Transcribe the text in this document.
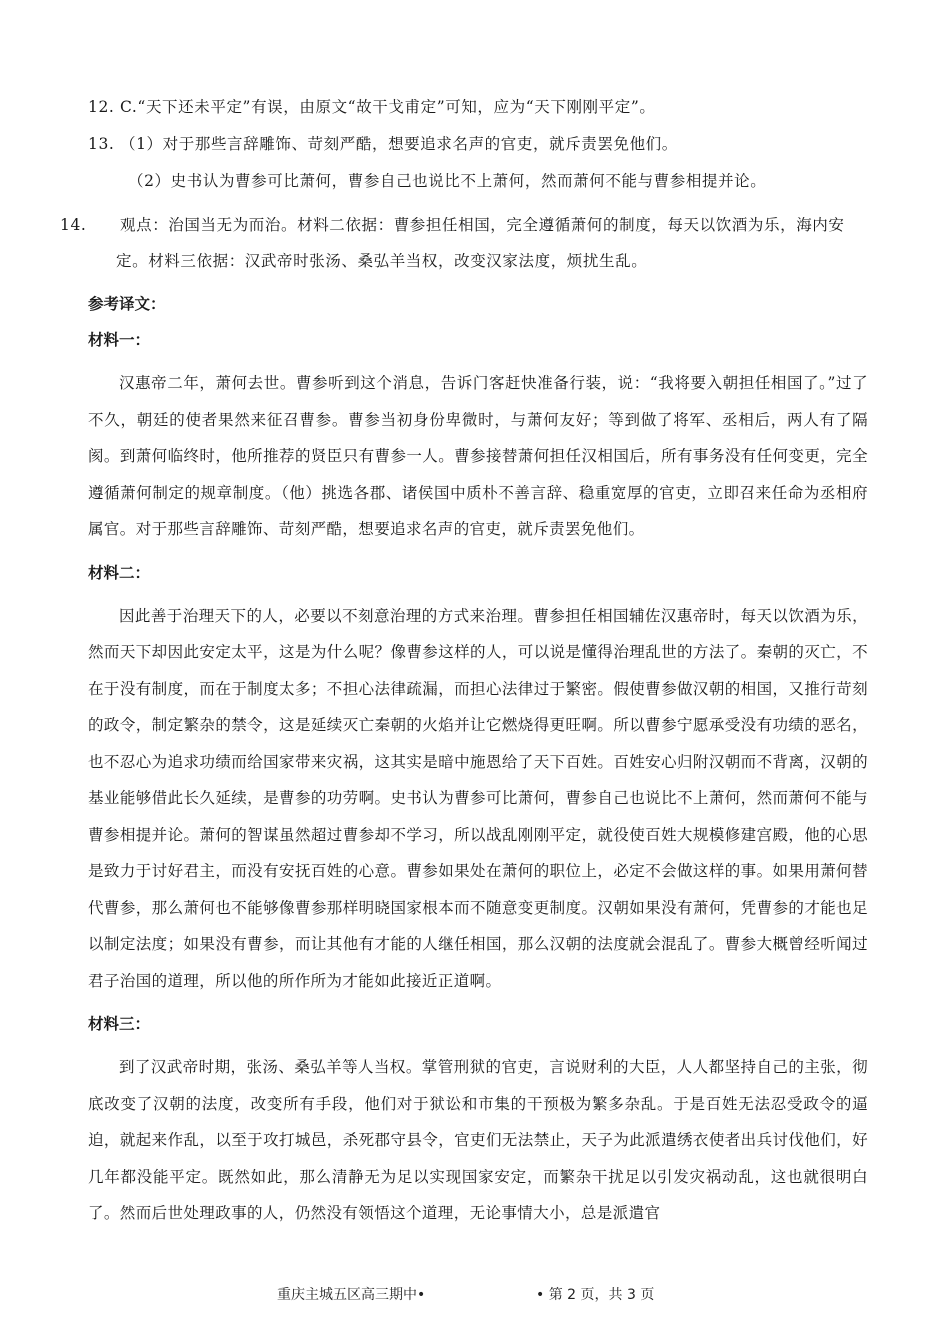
12. C.“天下还未平定”有误，由原文“故干戈甫定”可知，应为“天下刚刚平定”。

13. （1）对于那些言辞雕饰、苛刻严酷，想要追求名声的官吏，就斥责罢免他们。

（2）史书认为曹参可比萧何，曹参自己也说比不上萧何，然而萧何不能与曹参相提并论。

14. 观点：治国当无为而治。材料二依据：曹参担任相国，完全遵循萧何的制度，每天以饮酒为乐，海内安定。材料三依据：汉武帝时张汤、桑弘羊当权，改变汉家法度，烦扰生乱。

参考译文：
材料一：

汉惠帝二年，萧何去世。曹参听到这个消息，告诉门客赶快准备行装，说：“我将要入朝担任相国了。”过了不久，朝廷的使者果然来征召曹参。曹参当初身份卑微时，与萧何友好；等到做了将军、丞相后，两人有了隔阂。到萧何临终时，他所推荐的贤臣只有曹参一人。曹参接替萧何担任汉相国后，所有事务没有任何变更，完全遵循萧何制定的规章制度。（他）挑选各郡、诸侯国中质朴不善言辞、稳重宽厚的官吏，立即召来任命为丞相府属官。对于那些言辞雕饰、苛刻严酷，想要追求名声的官吏，就斥责罢免他们。

材料二：

因此善于治理天下的人，必要以不刻意治理的方式来治理。曹参担任相国辅佐汉惠帝时，每天以饮酒为乐，然而天下却因此安定太平，这是为什么呢？像曹参这样的人，可以说是懂得治理乱世的方法了。秦朝的灭亡，不在于没有制度，而在于制度太多；不担心法律疏漏，而担心法律过于繁密。假使曹参做汉朝的相国，又推行苛刻的政令，制定繁杂的禁令，这是延续灭亡秦朝的火焰并让它燃烧得更旺啊。所以曹参宁愿承受没有功绩的恶名，也不忍心为追求功绩而给国家带来灾祸，这其实是暗中施恩给了天下百姓。百姓安心归附汉朝而不背离，汉朝的基业能够借此长久延续，是曹参的功劳啊。史书认为曹参可比萧何，曹参自己也说比不上萧何，然而萧何不能与曹参相提并论。萧何的智谋虽然超过曹参却不学习，所以战乱刚刚平定，就役使百姓大规模修建宫殿，他的心思是致力于讨好君主，而没有安抚百姓的心意。曹参如果处在萧何的职位上，必定不会做这样的事。如果用萧何替代曹参，那么萧何也不能够像曹参那样明晓国家根本而不随意变更制度。汉朝如果没有萧何，凭曹参的才能也足以制定法度；如果没有曹参，而让其他有才能的人继任相国，那么汉朝的法度就会混乱了。曹参大概曾经听闻过君子治国的道理，所以他的所作所为才能如此接近正道啊。

材料三：

到了汉武帝时期，张汤、桑弘羊等人当权。掌管刑狱的官吏，言说财利的大臣，人人都坚持自己的主张，彻底改变了汉朝的法度，改变所有手段，他们对于狱讼和市集的干预极为繁多杂乱。于是百姓无法忍受政令的逼迫，就起来作乱，以至于攻打城邑，杀死郡守县令，官吏们无法禁止，天子为此派遣绣衣使者出兵讨伐他们，好几年都没能平定。既然如此，那么清静无为足以实现国家安定，而繁杂干扰足以引发灾祸动乱，这也就很明白了。然而后世处理政事的人，仍然没有领悟这个道理，无论事情大小，总是派遣官

重庆主城五区高三期中•	• 第 2 页，共 3 页
